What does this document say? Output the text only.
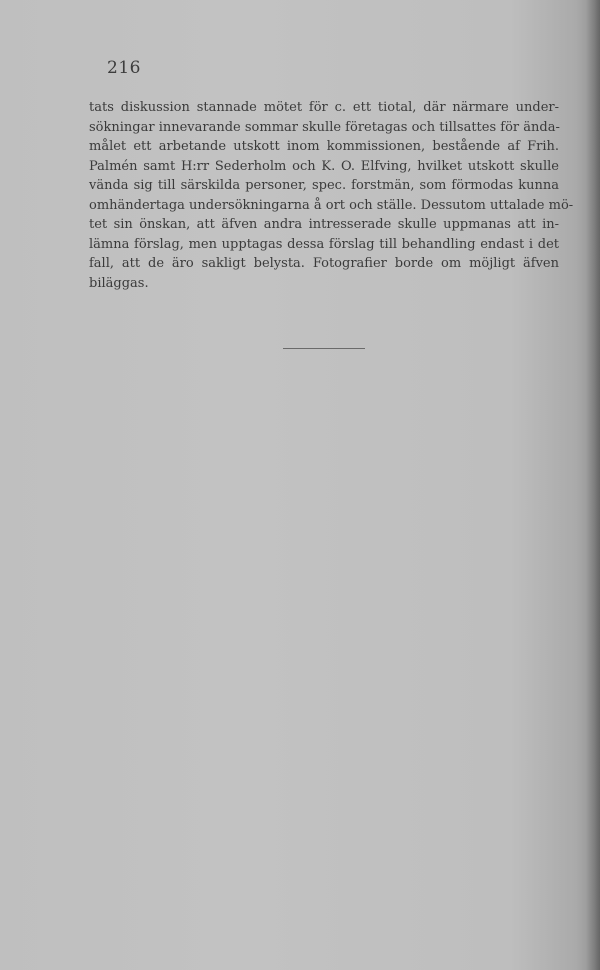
216

tats diskussion stannade mötet för c. ett tiotal, där närmare under-
sökningar innevarande sommar skulle företagas och tillsattes för ända-
målet ett arbetande utskott inom kommissionen, bestående af Frih.
Palmén samt H:rr Sederholm och K. O. Elfving, hvilket utskott skulle
vända sig till särskilda personer, spec. forstmän, som förmodas kunna
omhändertaga undersökningarna å ort och ställe. Dessutom uttalade mö-
tet sin önskan, att äfven andra intresserade skulle uppmanas att in-
lämna förslag, men upptagas dessa förslag till behandling endast i det
fall, att de äro sakligt belysta. Fotografier borde om möjligt äfven
biläggas.
